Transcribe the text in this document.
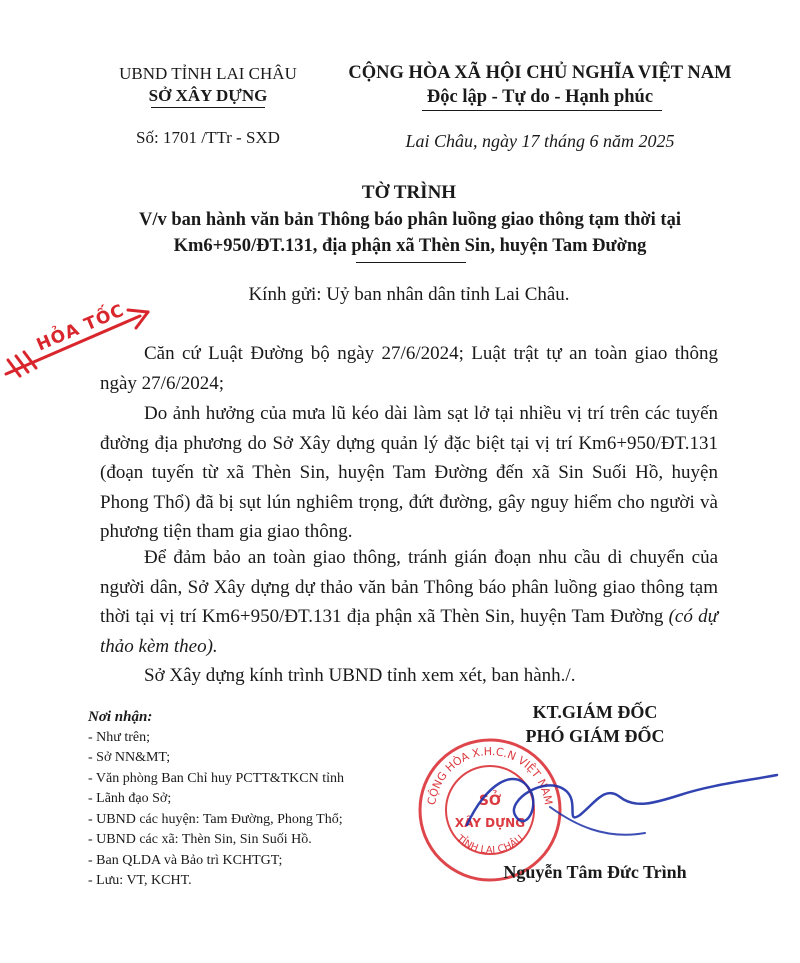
UBND TỈNH LAI CHÂU
SỞ XÂY DỰNG
Số: 1701 /TTr - SXD
CỘNG HÒA XÃ HỘI CHỦ NGHĨA VIỆT NAM
Độc lập - Tự do - Hạnh phúc
Lai Châu, ngày 17 tháng 6 năm 2025
TỜ TRÌNH
V/v ban hành văn bản Thông báo phân luồng giao thông tạm thời tại
Km6+950/ĐT.131, địa phận xã Thèn Sin, huyện Tam Đường
Kính gửi: Uỷ ban nhân dân tỉnh Lai Châu.
HỎA TỐC Căn cứ Luật Đường bộ ngày 27/6/2024; Luật trật tự an toàn giao thông ngày 27/6/2024;

Do ảnh hưởng của mưa lũ kéo dài làm sạt lở tại nhiều vị trí trên các tuyến đường địa phương do Sở Xây dựng quản lý đặc biệt tại vị trí Km6+950/ĐT.131 (đoạn tuyến từ xã Thèn Sin, huyện Tam Đường đến xã Sin Suối Hồ, huyện Phong Thổ) đã bị sụt lún nghiêm trọng, đứt đường, gây nguy hiểm cho người và phương tiện tham gia giao thông.

Để đảm bảo an toàn giao thông, tránh gián đoạn nhu cầu di chuyển của người dân, Sở Xây dựng dự thảo văn bản Thông báo phân luồng giao thông tạm thời tại vị trí Km6+950/ĐT.131 địa phận xã Thèn Sin, huyện Tam Đường (có dự thảo kèm theo).

Sở Xây dựng kính trình UBND tỉnh xem xét, ban hành./.

Nơi nhận:
- Như trên;
- Sở NN&MT;
- Văn phòng Ban Chỉ huy PCTT&TKCN tỉnh
- Lãnh đạo Sở;
- UBND các huyện: Tam Đường, Phong Thổ;
- UBND các xã: Thèn Sin, Sin Suối Hồ.
- Ban QLDA và Bảo trì KCHTGT;
- Lưu: VT, KCHT.
KT.GIÁM ĐỐC
PHÓ GIÁM ĐỐC
CỘNG HÒA X.H.C.N VIỆT NAM
TỈNH LAI CHÂU
SỞ
XÂY DỰNG
Nguyễn Tâm Đức Trình
